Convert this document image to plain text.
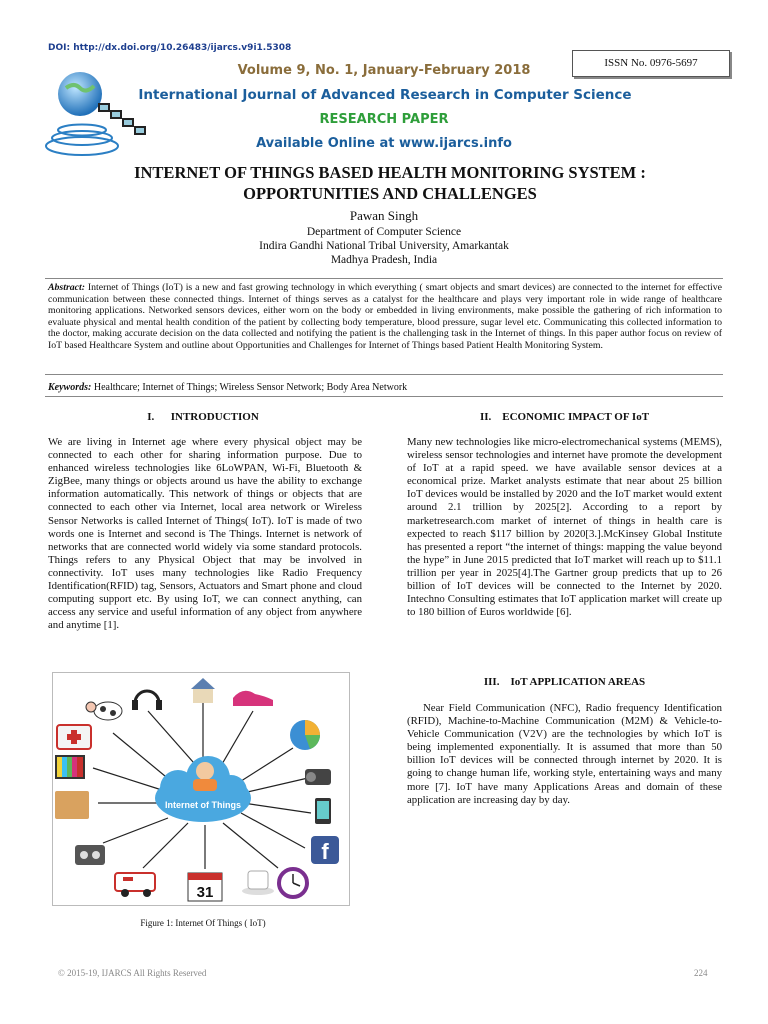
DOI: http://dx.doi.org/10.26483/ijarcs.v9i1.5308
ISSN No. 0976-5697
Volume 9, No. 1, January-February 2018
International Journal of Advanced Research in Computer Science
RESEARCH PAPER
Available Online at www.ijarcs.info
INTERNET OF THINGS BASED HEALTH MONITORING SYSTEM :
OPPORTUNITIES AND CHALLENGES
Pawan Singh
Department of Computer Science
Indira Gandhi National Tribal University, Amarkantak
Madhya Pradesh, India
Abstract: Internet of Things (IoT) is a new and fast growing technology in which everything ( smart objects and smart devices) are connected to the internet for effective communication between these connected things. Internet of things serves as a catalyst for the healthcare and plays very important role in wide range of healthcare monitoring applications. Networked sensors devices, either worn on the body or embedded in living environments, make possible the gathering of rich information to evaluate physical and mental health condition of the patient by collecting body temperature, blood pressure, sugar level etc. Communicating this collected information to the doctor, making accurate decision on the data collected and notifying the patient is the challenging task in the Internet of things. In this paper author focus on review of IoT based Healthcare System and outline about Opportunities and Challenges for Internet of Things based Patient Health Monitoring System.
Keywords: Healthcare; Internet of Things; Wireless Sensor Network; Body Area Network
I.      INTRODUCTION
We are living in Internet age where every physical object may be connected to each other for sharing information purpose. Due to enhanced wireless technologies like 6LoWPAN, Wi-Fi, Bluetooth & ZigBee, many things or objects around us have the ability to exchange information automatically. This network of things or objects that are connected to each other via Internet, local area network or Wireless Sensor Networks is called Internet of Things( IoT). IoT is made of two words one is Internet and second is The Things. Internet is network of networks that are connected world widely via some standard protocols. Things refers to any Physical Object that may be involved in connectivity. IoT uses many technologies like Radio Frequency Identification(RFID) tag, Sensors, Actuators and Smart phone and cloud computing support etc. By using IoT, we can connect anything, can access any service and useful information of any object from anywhere and anytime [1].
II.    ECONOMIC IMPACT OF IoT
Many new technologies like micro-electromechanical systems (MEMS), wireless sensor technologies and internet have promote the development of IoT at a rapid speed. we have available sensor devices at a economical prize. Market analysts estimate that near about 25 billion IoT devices would be installed by 2020 and the IoT market would extent around 2.1 trillion by 2025[2]. According to a report by marketresearch.com market of internet of things in health care is expected to reach $117 billion by 2020[3.].McKinsey Global Institute has presented a report “the internet of things: mapping the value beyond the hype” in June 2015 predicted that IoT market will reach up to $11.1 trillion per year in 2025[4].The Gartner group predicts that up to 26 billion of IoT devices will be connected to the Internet by 2020. Intechno Consulting estimates that IoT application market will create up to 180 billion of Euros worldwide [6].
III.    IoT APPLICATION AREAS
Near Field Communication (NFC), Radio frequency Identification (RFID), Machine-to-Machine Communication (M2M) & Vehicle-to-Vehicle Communication (V2V) are the technologies by which IoT is being implemented exponentially. It is assumed that more than 50 billion IoT devices will be connected through internet by 2020. It is going to change human life, working style, entertaining ways and many more [7]. IoT have many Applications Areas and domain of these application are increasing day by day.
Internet of Things
f
31
Figure 1: Internet Of Things ( IoT)
© 2015-19, IJARCS All Rights Reserved	224
